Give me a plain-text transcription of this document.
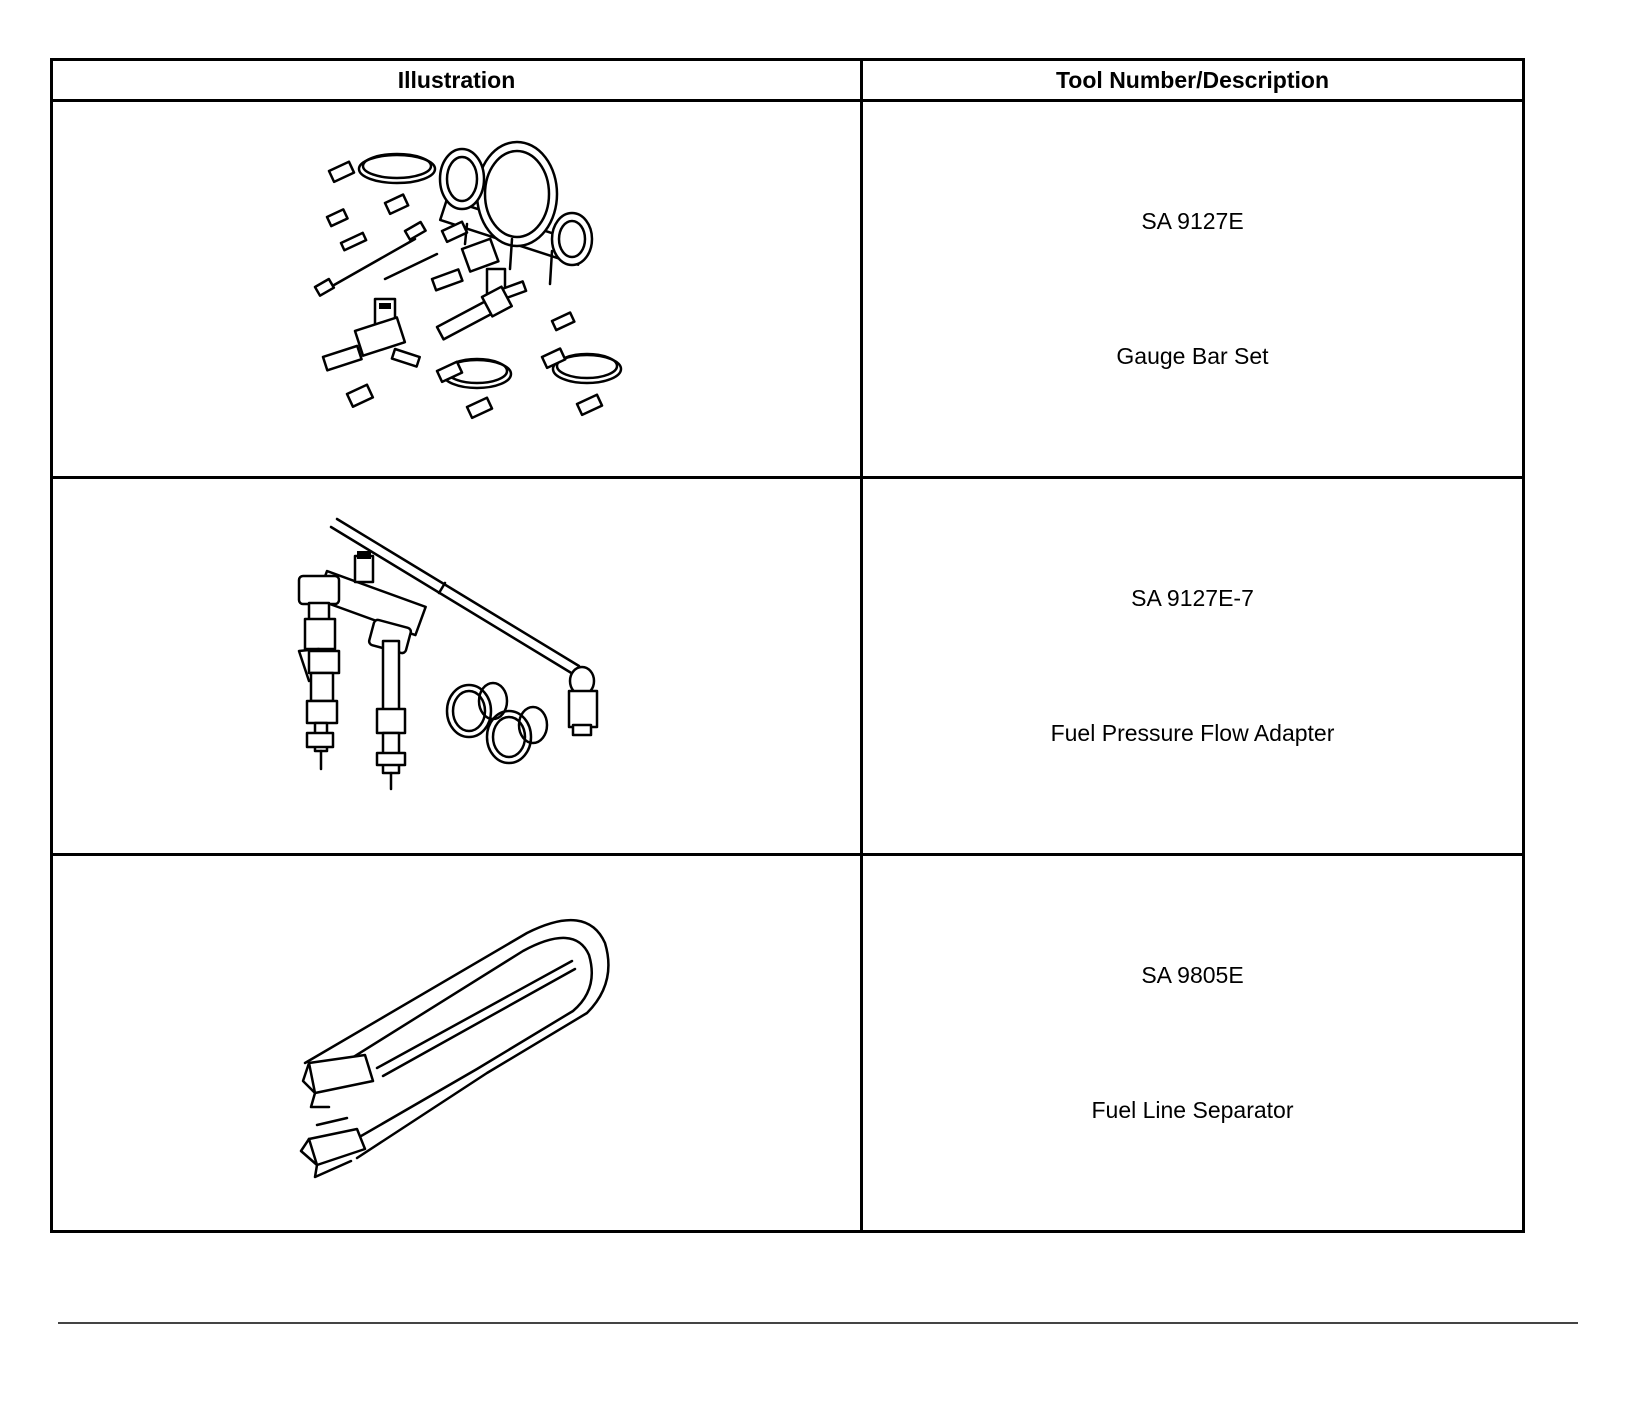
Illustration	Tool Number/Description

SA 9127E
Gauge Bar Set

SA 9127E-7
Fuel Pressure Flow Adapter

SA 9805E
Fuel Line Separator
